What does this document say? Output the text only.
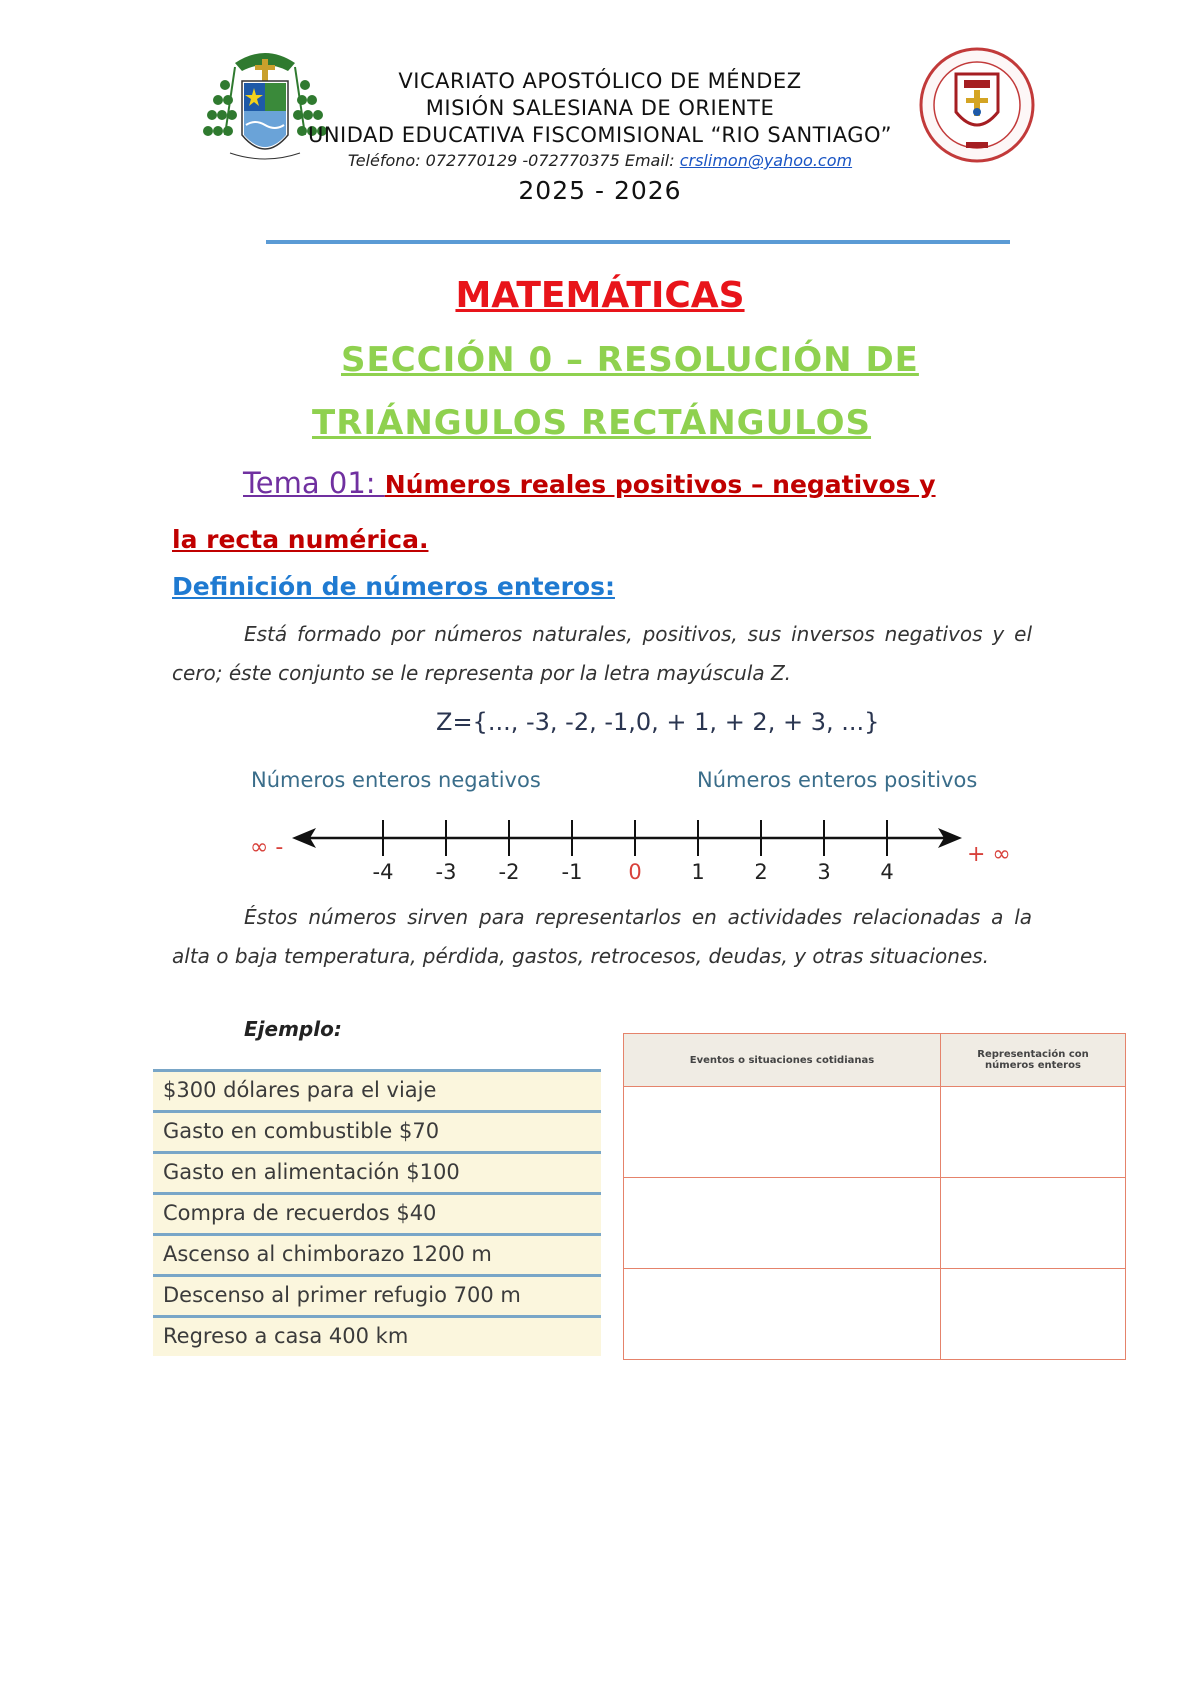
VICARIATO APOSTÓLICO DE MÉNDEZ
MISIÓN SALESIANA DE ORIENTE
UNIDAD EDUCATIVA FISCOMISIONAL “RIO SANTIAGO”
Teléfono: 072770129 -072770375 Email: crslimon@yahoo.com
2025 - 2026
MATEMÁTICAS
SECCIÓN 0 – RESOLUCIÓN DE
TRIÁNGULOS RECTÁNGULOS
Tema 01: Números reales positivos – negativos y
la recta numérica.
Definición de números enteros:
Está formado por números naturales, positivos, sus inversos negativos y el cero; éste conjunto se le representa por la letra mayúscula Z.
Z={..., -3, -2, -1,0, + 1, + 2, + 3, ...}
Números enteros negativos	Números enteros positivos
∞ -	+ ∞
-4	-3	-2	-1	0	1	2	3	4
Éstos números sirven para representarlos en actividades relacionadas a la alta o baja temperatura, pérdida, gastos, retrocesos, deudas, y otras situaciones.
Ejemplo:
$300 dólares para el viaje
Gasto en combustible $70
Gasto en alimentación $100
Compra de recuerdos $40
Ascenso al chimborazo 1200 m
Descenso al primer refugio 700 m
Regreso a casa 400 km
Eventos o situaciones cotidianas	Representación con números enteros
